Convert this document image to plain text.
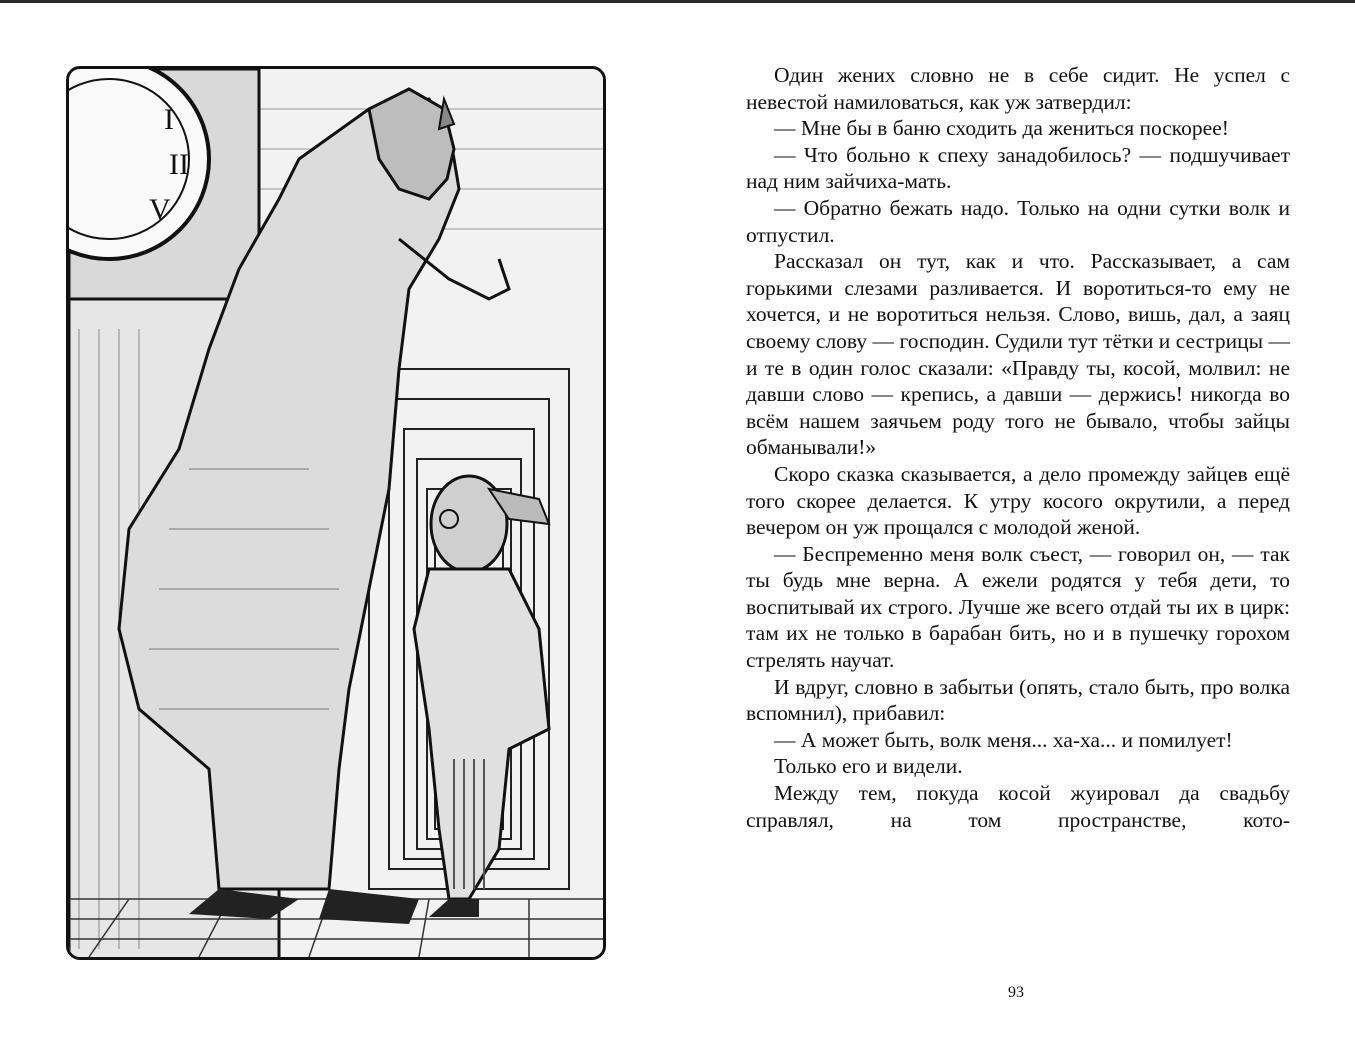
I
II
V

Один жених словно не в себе сидит. Не успел с невестой намиловаться, как уж затвердил:

— Мне бы в баню сходить да жениться поскорее!

— Что больно к спеху занадобилось? — подшучивает над ним зайчиха-мать.

— Обратно бежать надо. Только на одни сутки волк и отпустил.

Рассказал он тут, как и что. Рассказывает, а сам горькими слезами разливается. И воротиться-то ему не хочется, и не воротиться нельзя. Слово, вишь, дал, а заяц своему слову — господин. Судили тут тётки и сестрицы — и те в один голос сказали: «Правду ты, косой, молвил: не давши слово — крепись, а давши — держись! никогда во всём нашем заячьем роду того не бывало, чтобы зайцы обманывали!»

Скоро сказка сказывается, а дело промежду зайцев ещё того скорее делается. К утру косого окрутили, а перед вечером он уж прощался с молодой женой.

— Беспременно меня волк съест, — говорил он, — так ты будь мне верна. А ежели родятся у тебя дети, то воспитывай их строго. Лучше же всего отдай ты их в цирк: там их не только в барабан бить, но и в пушечку горохом стрелять научат.

И вдруг, словно в забытьи (опять, стало быть, про волка вспомнил), прибавил:

— А может быть, волк меня... ха-ха... и помилует!

Только его и видели.

Между тем, покуда косой жуировал да свадьбу справлял, на том пространстве, кото-

93
